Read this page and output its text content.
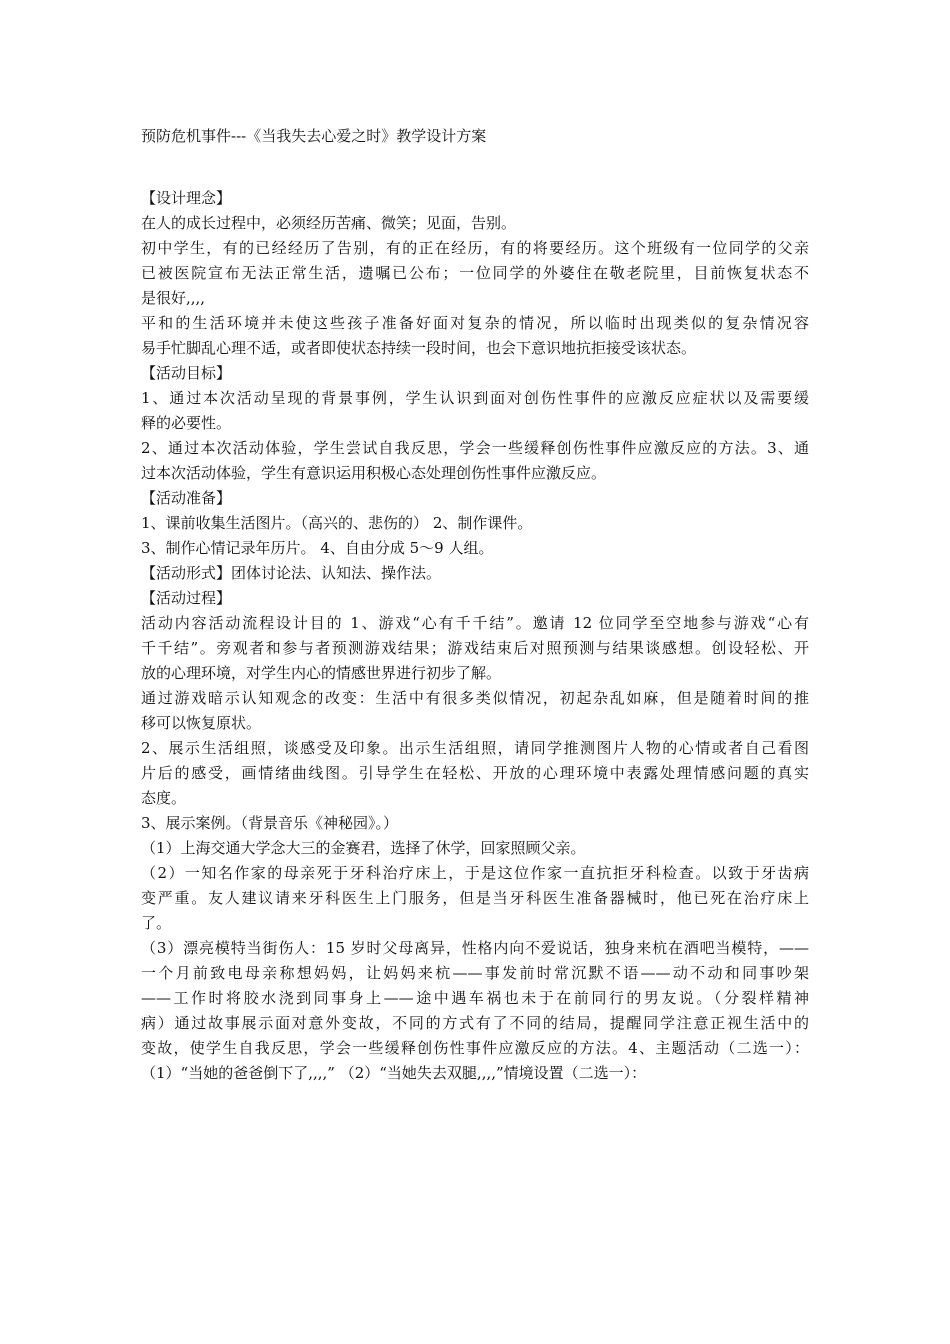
预防危机事件---《当我失去心爱之时》教学设计方案
【设计理念】
在人的成长过程中，必须经历苦痛、微笑；见面，告别。
初中学生，有的已经经历了告别，有的正在经历，有的将要经历。这个班级有一位同学的父亲
已被医院宣布无法正常生活，遗嘱已公布；一位同学的外婆住在敬老院里，目前恢复状态不
是很好,,,,
平和的生活环境并未使这些孩子准备好面对复杂的情况，所以临时出现类似的复杂情况容
易手忙脚乱心理不适，或者即使状态持续一段时间，也会下意识地抗拒接受该状态。
【活动目标】
1、通过本次活动呈现的背景事例，学生认识到面对创伤性事件的应激反应症状以及需要缓
释的必要性。
2、通过本次活动体验，学生尝试自我反思，学会一些缓释创伤性事件应激反应的方法。3、通
过本次活动体验，学生有意识运用积极心态处理创伤性事件应激反应。
【活动准备】
1、课前收集生活图片。（高兴的、悲伤的） 2、制作课件。
3、制作心情记录年历片。 4、自由分成 5～9 人组。
【活动形式】团体讨论法、认知法、操作法。
【活动过程】
活动内容活动流程设计目的 1、游戏“心有千千结”。邀请 12 位同学至空地参与游戏“心有
千千结”。旁观者和参与者预测游戏结果；游戏结束后对照预测与结果谈感想。创设轻松、开
放的心理环境，对学生内心的情感世界进行初步了解。
通过游戏暗示认知观念的改变：生活中有很多类似情况，初起杂乱如麻，但是随着时间的推
移可以恢复原状。
2、展示生活组照，谈感受及印象。出示生活组照，请同学推测图片人物的心情或者自己看图
片后的感受，画情绪曲线图。引导学生在轻松、开放的心理环境中表露处理情感问题的真实
态度。
3、展示案例。（背景音乐《神秘园》。）
（1）上海交通大学念大三的金赛君，选择了休学，回家照顾父亲。
（2）一知名作家的母亲死于牙科治疗床上，于是这位作家一直抗拒牙科检查。以致于牙齿病
变严重。友人建议请来牙科医生上门服务，但是当牙科医生准备器械时，他已死在治疗床上
了。
（3）漂亮模特当街伤人：15 岁时父母离异，性格内向不爱说话，独身来杭在酒吧当模特，——
一个月前致电母亲称想妈妈，让妈妈来杭——事发前时常沉默不语——动不动和同事吵架
——工作时将胶水浇到同事身上——途中遇车祸也未于在前同行的男友说。（分裂样精神
病）通过故事展示面对意外变故，不同的方式有了不同的结局，提醒同学注意正视生活中的
变故，使学生自我反思，学会一些缓释创伤性事件应激反应的方法。4、主题活动（二选一）：
（1）“当她的爸爸倒下了,,,,” （2）“当她失去双腿,,,,”情境设置（二选一）：
